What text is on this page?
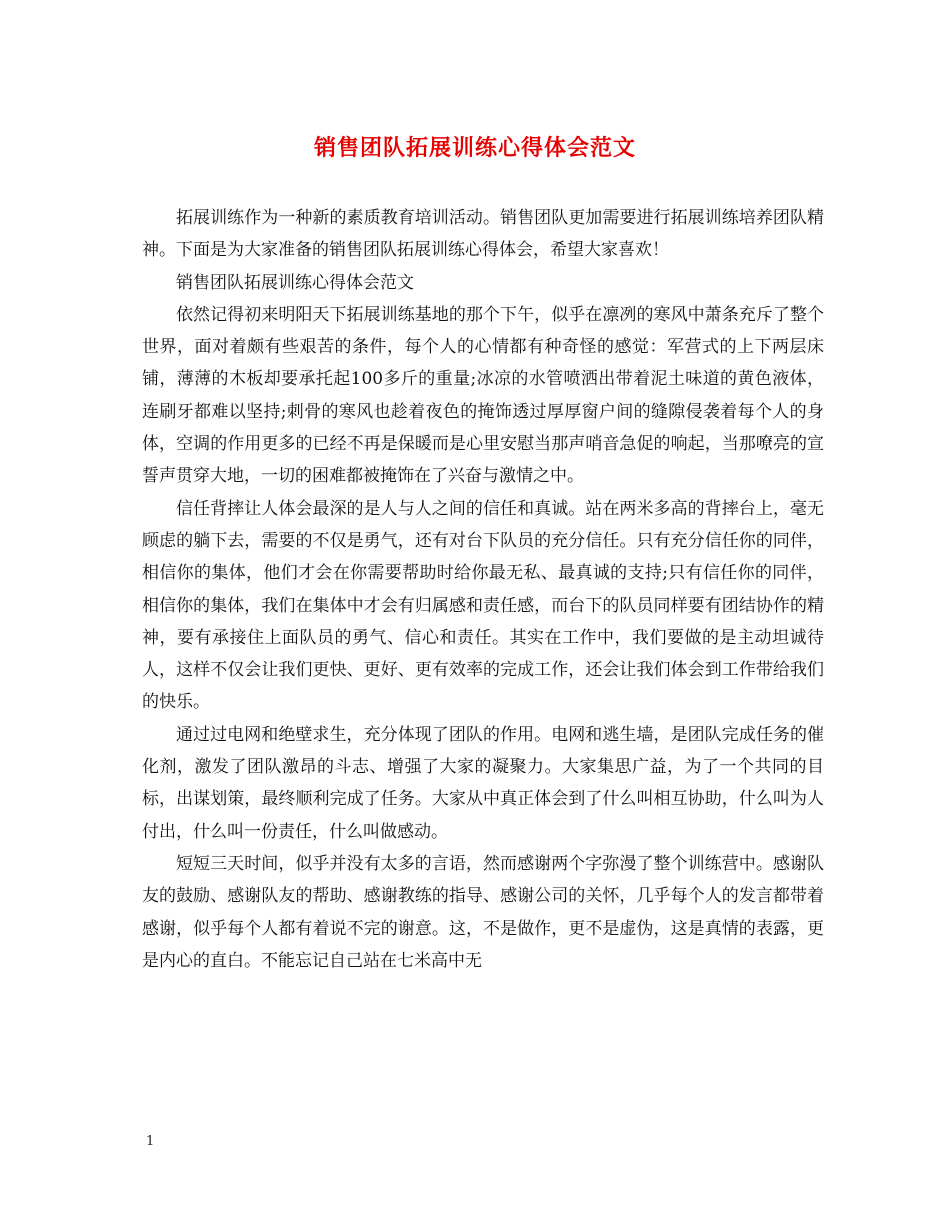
销售团队拓展训练心得体会范文

拓展训练作为一种新的素质教育培训活动。销售团队更加需要进行拓展训练培养团队精神。下面是为大家准备的销售团队拓展训练心得体会，希望大家喜欢！

销售团队拓展训练心得体会范文

依然记得初来明阳天下拓展训练基地的那个下午，似乎在凛冽的寒风中萧条充斥了整个世界，面对着颇有些艰苦的条件，每个人的心情都有种奇怪的感觉：军营式的上下两层床铺，薄薄的木板却要承托起100多斤的重量;冰凉的水管喷洒出带着泥土味道的黄色液体，连刷牙都难以坚持;刺骨的寒风也趁着夜色的掩饰透过厚厚窗户间的缝隙侵袭着每个人的身体，空调的作用更多的已经不再是保暖而是心里安慰当那声哨音急促的响起，当那嘹亮的宣誓声贯穿大地，一切的困难都被掩饰在了兴奋与激情之中。

信任背摔让人体会最深的是人与人之间的信任和真诚。站在两米多高的背摔台上，毫无顾虑的躺下去，需要的不仅是勇气，还有对台下队员的充分信任。只有充分信任你的同伴，相信你的集体，他们才会在你需要帮助时给你最无私、最真诚的支持;只有信任你的同伴，相信你的集体，我们在集体中才会有归属感和责任感，而台下的队员同样要有团结协作的精神，要有承接住上面队员的勇气、信心和责任。其实在工作中，我们要做的是主动坦诚待人，这样不仅会让我们更快、更好、更有效率的完成工作，还会让我们体会到工作带给我们的快乐。

通过过电网和绝壁求生，充分体现了团队的作用。电网和逃生墙，是团队完成任务的催化剂，激发了团队激昂的斗志、增强了大家的凝聚力。大家集思广益，为了一个共同的目标，出谋划策，最终顺利完成了任务。大家从中真正体会到了什么叫相互协助，什么叫为人付出，什么叫一份责任，什么叫做感动。

短短三天时间，似乎并没有太多的言语，然而感谢两个字弥漫了整个训练营中。感谢队友的鼓励、感谢队友的帮助、感谢教练的指导、感谢公司的关怀，几乎每个人的发言都带着感谢，似乎每个人都有着说不完的谢意。这，不是做作，更不是虚伪，这是真情的表露，更是内心的直白。不能忘记自己站在七米高中无

1
